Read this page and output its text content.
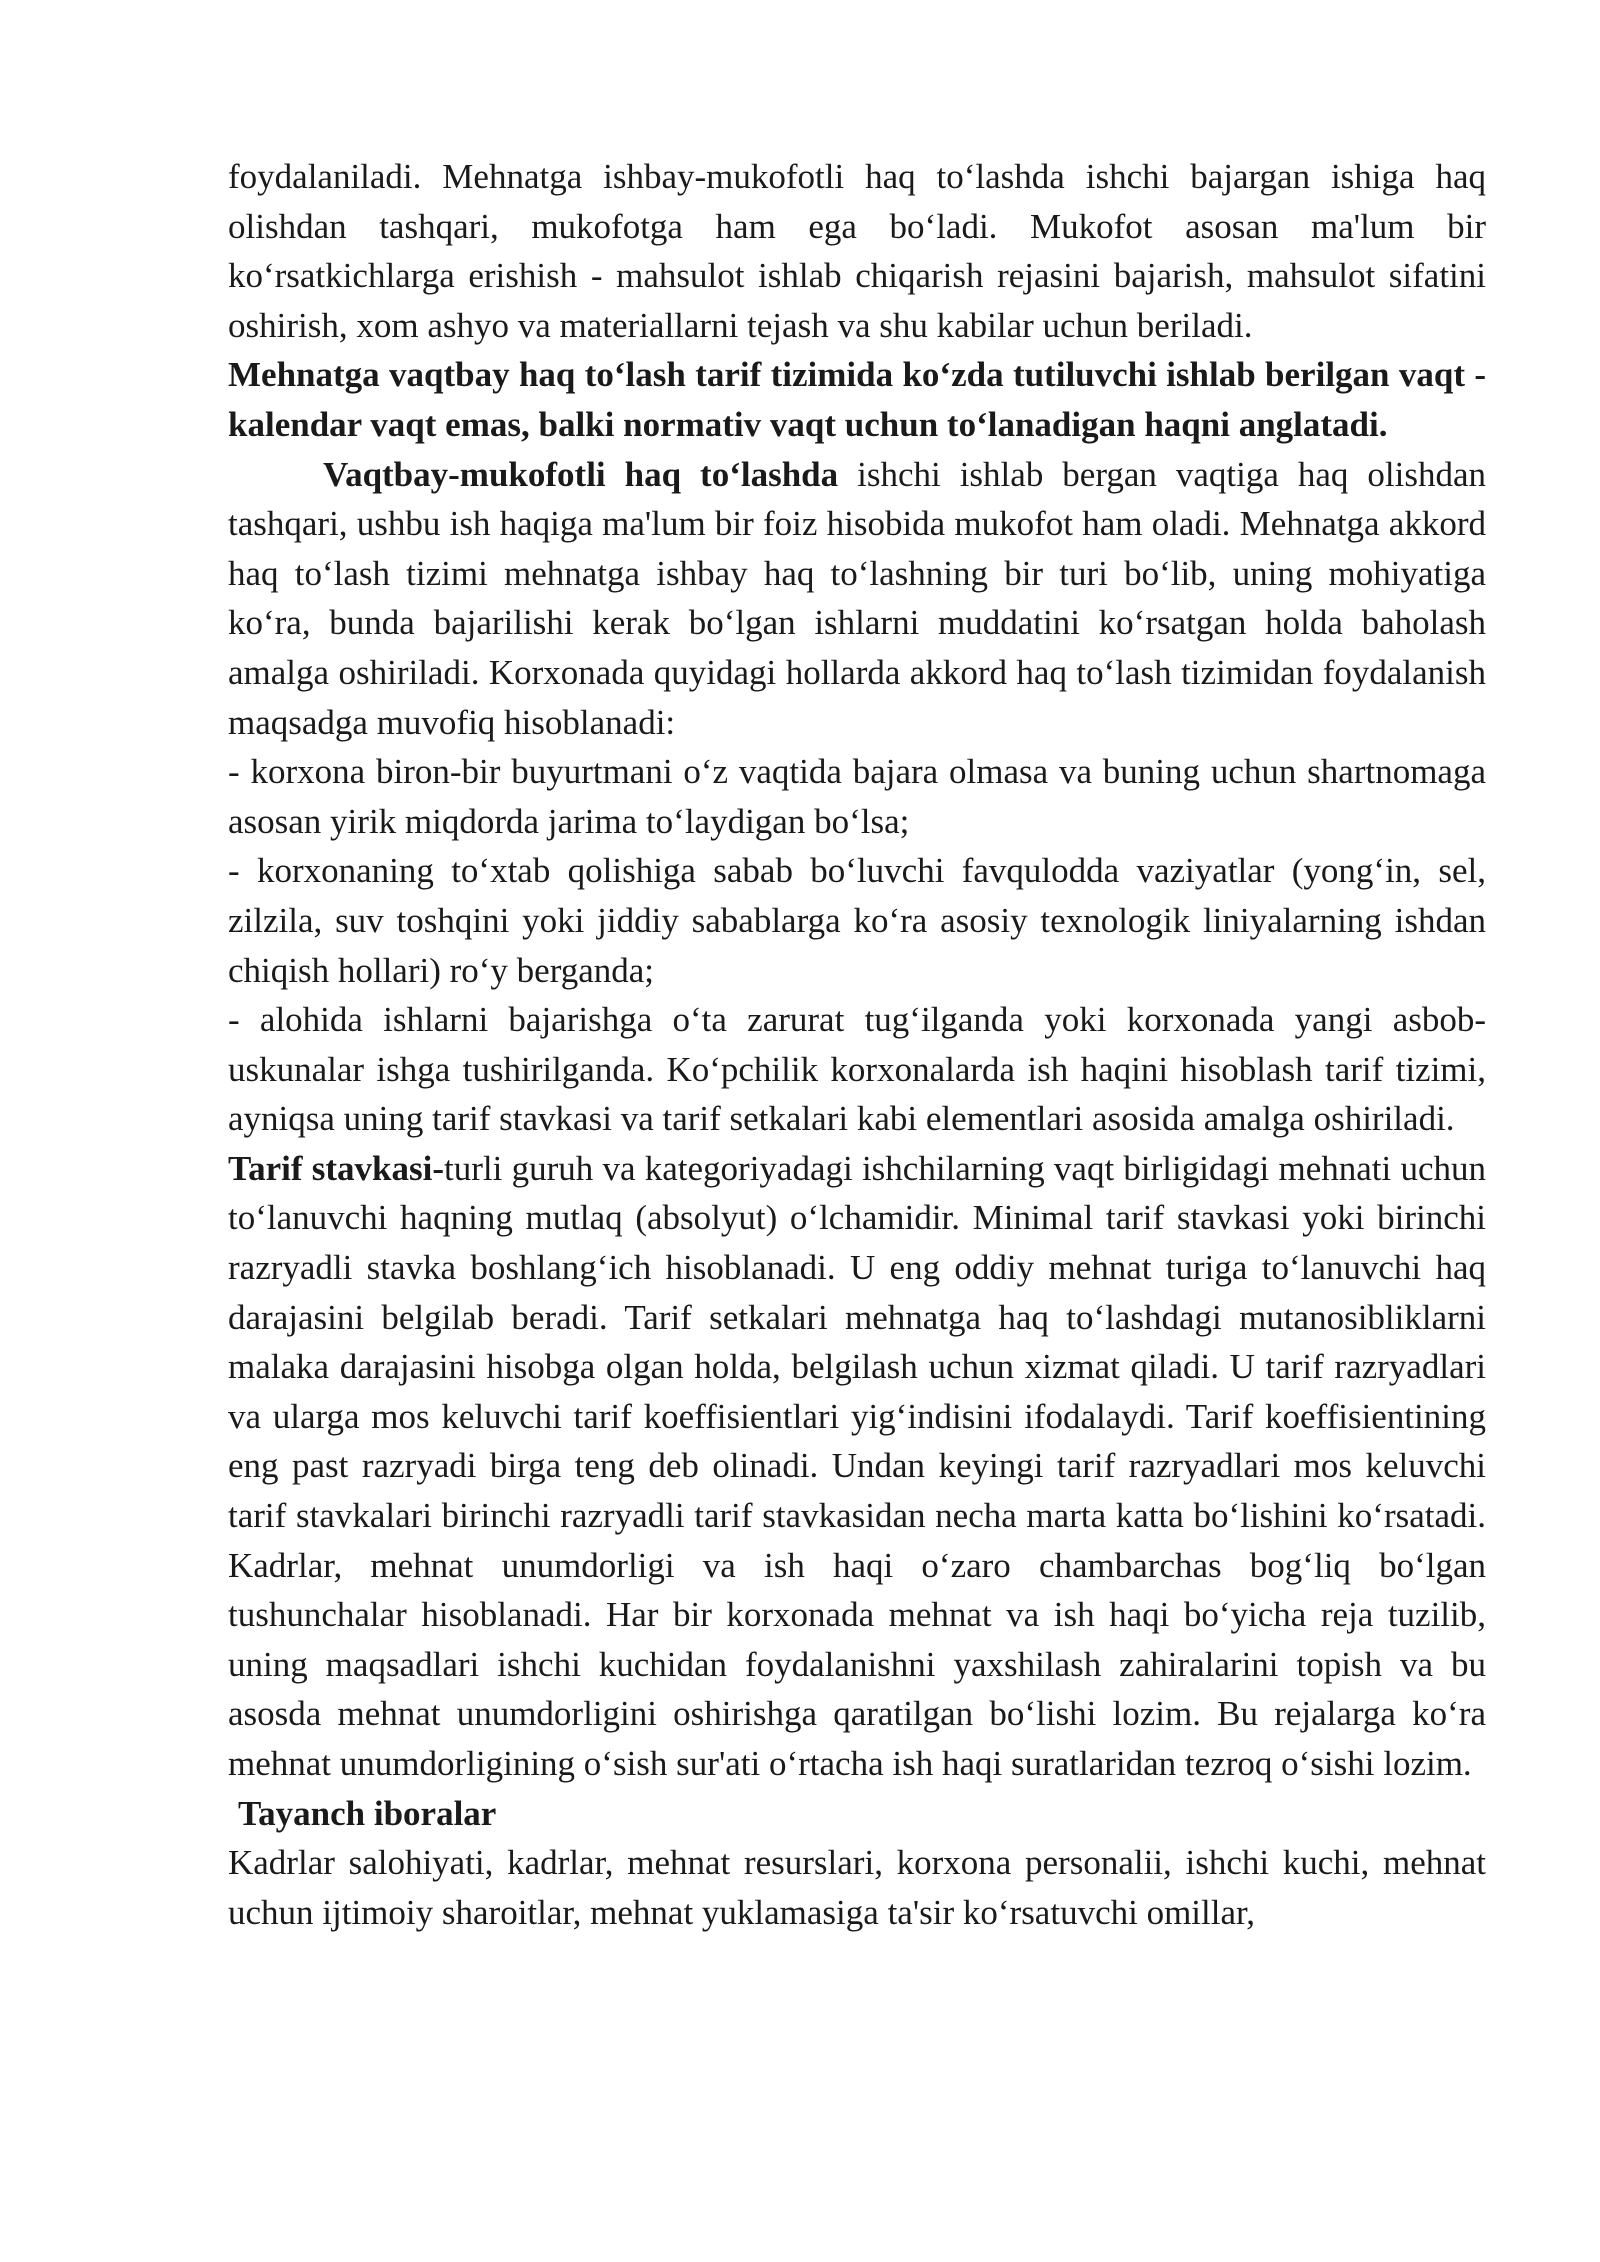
foydalaniladi. Mehnatga ishbay-mukofotli haq to‘lashda ishchi bajargan ishiga haq olishdan tashqari, mukofotga ham ega bo‘ladi. Mukofot asosan ma'lum bir ko‘rsatkichlarga erishish - mahsulot ishlab chiqarish rejasini bajarish, mahsulot sifatini oshirish, xom ashyo va materiallarni tejash va shu kabilar uchun beriladi.

Mehnatga vaqtbay haq to‘lash tarif tizimida ko‘zda tutiluvchi ishlab berilgan vaqt - kalendar vaqt emas, balki normativ vaqt uchun to‘lanadigan haqni anglatadi.

Vaqtbay-mukofotli haq to‘lashda ishchi ishlab bergan vaqtiga haq olishdan tashqari, ushbu ish haqiga ma'lum bir foiz hisobida mukofot ham oladi. Mehnatga akkord haq to‘lash tizimi mehnatga ishbay haq to‘lashning bir turi bo‘lib, uning mohiyatiga ko‘ra, bunda bajarilishi kerak bo‘lgan ishlarni muddatini ko‘rsatgan holda baholash amalga oshiriladi. Korxonada quyidagi hollarda akkord haq to‘lash tizimidan foydalanish maqsadga muvofiq hisoblanadi:

- korxona biron-bir buyurtmani o‘z vaqtida bajara olmasa va buning uchun shartnomaga asosan yirik miqdorda jarima to‘laydigan bo‘lsa;

- korxonaning to‘xtab qolishiga sabab bo‘luvchi favqulodda vaziyatlar (yong‘in, sel, zilzila, suv toshqini yoki jiddiy sabablarga ko‘ra asosiy texnologik liniyalarning ishdan chiqish hollari) ro‘y berganda;

- alohida ishlarni bajarishga o‘ta zarurat tug‘ilganda yoki korxonada yangi asbob-uskunalar ishga tushirilganda. Ko‘pchilik korxonalarda ish haqini hisoblash tarif tizimi, ayniqsa uning tarif stavkasi va tarif setkalari kabi elementlari asosida amalga oshiriladi.

Tarif stavkasi-turli guruh va kategoriyadagi ishchilarning vaqt birligidagi mehnati uchun to‘lanuvchi haqning mutlaq (absolyut) o‘lchamidir. Minimal tarif stavkasi yoki birinchi razryadli stavka boshlang‘ich hisoblanadi. U eng oddiy mehnat turiga to‘lanuvchi haq darajasini belgilab beradi. Tarif setkalari mehnatga haq to‘lashdagi mutanosibliklarni malaka darajasini hisobga olgan holda, belgilash uchun xizmat qiladi. U tarif razryadlari va ularga mos keluvchi tarif koeffisientlari yig‘indisini ifodalaydi. Tarif koeffisientining eng past razryadi birga teng deb olinadi. Undan keyingi tarif razryadlari mos keluvchi tarif stavkalari birinchi razryadli tarif stavkasidan necha marta katta bo‘lishini ko‘rsatadi. Kadrlar, mehnat unumdorligi va ish haqi o‘zaro chambarchas bog‘liq bo‘lgan tushunchalar hisoblanadi. Har bir korxonada mehnat va ish haqi bo‘yicha reja tuzilib, uning maqsadlari ishchi kuchidan foydalanishni yaxshilash zahiralarini topish va bu asosda mehnat unumdorligini oshirishga qaratilgan bo‘lishi lozim. Bu rejalarga ko‘ra mehnat unumdorligining o‘sish sur'ati o‘rtacha ish haqi suratlaridan tezroq o‘sishi lozim.

Tayanch iboralar

Kadrlar salohiyati, kadrlar, mehnat resurslari, korxona personalii, ishchi kuchi, mehnat uchun ijtimoiy sharoitlar, mehnat yuklamasiga ta'sir ko‘rsatuvchi omillar,
